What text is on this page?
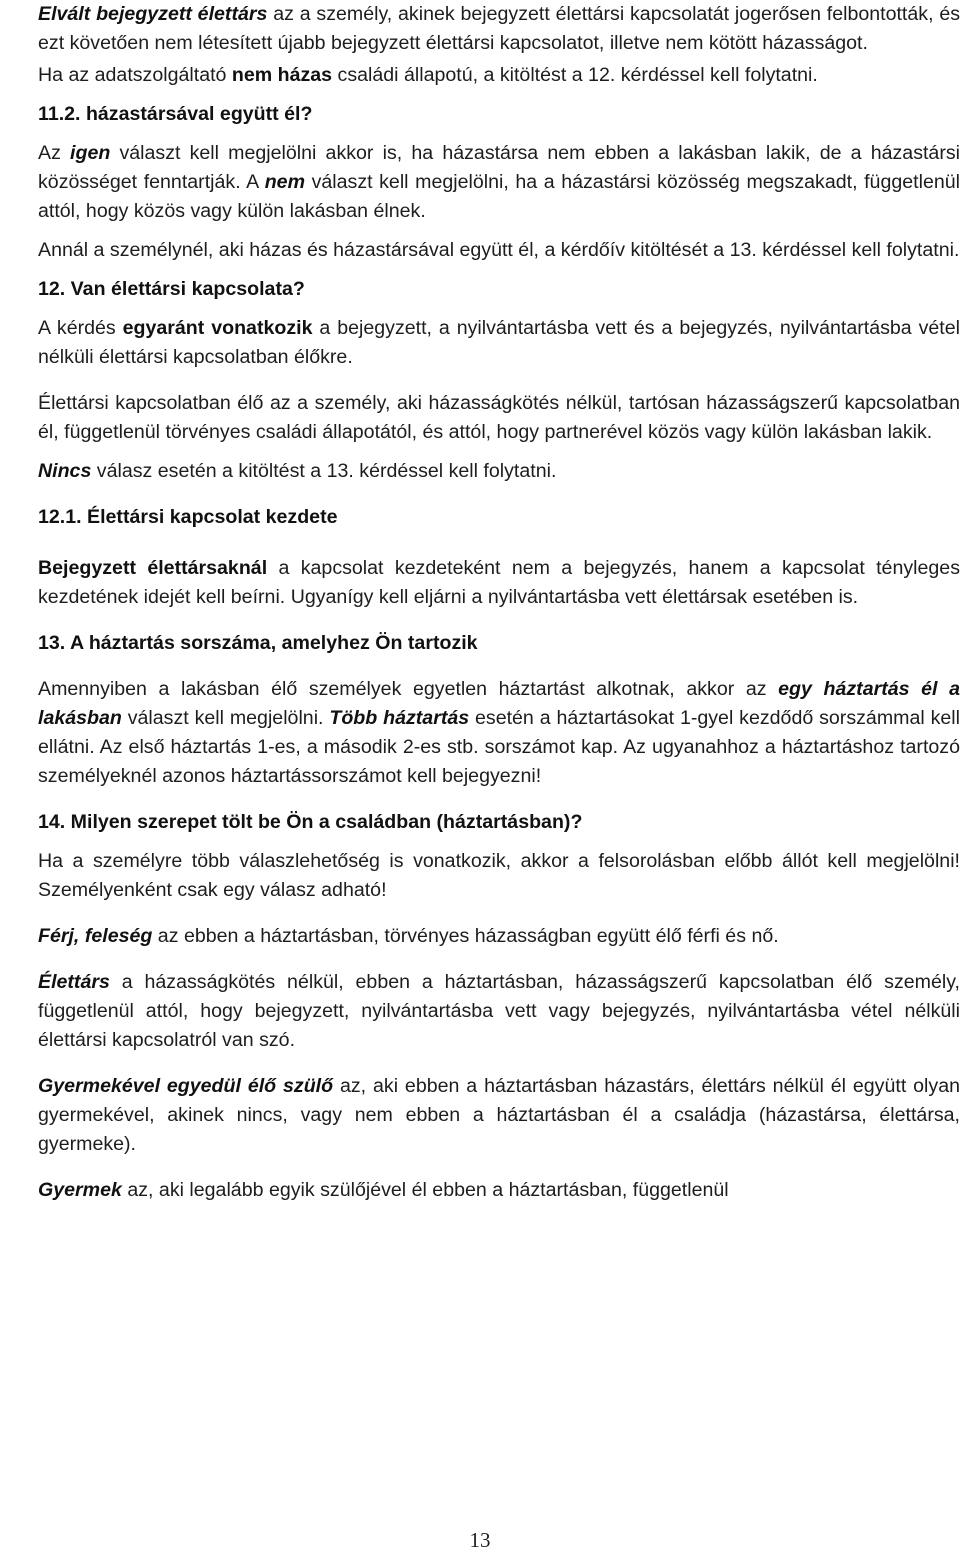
Elvált bejegyzett élettárs az a személy, akinek bejegyzett élettársi kapcsolatát jogerősen felbontották, és ezt követően nem létesített újabb bejegyzett élettársi kapcsolatot, illetve nem kötött házasságot.

Ha az adatszolgáltató nem házas családi állapotú, a kitöltést a 12. kérdéssel kell folytatni.

11.2. házastársával együtt él?

Az igen választ kell megjelölni akkor is, ha házastársa nem ebben a lakásban lakik, de a házastársi közösséget fenntartják. A nem választ kell megjelölni, ha a házastársi közösség megszakadt, függetlenül attól, hogy közös vagy külön lakásban élnek.

Annál a személynél, aki házas és házastársával együtt él, a kérdőív kitöltését a 13. kérdéssel kell folytatni.

12. Van élettársi kapcsolata?

A kérdés egyaránt vonatkozik a bejegyzett, a nyilvántartásba vett és a bejegyzés, nyilvántartásba vétel nélküli élettársi kapcsolatban élőkre.

Élettársi kapcsolatban élő az a személy, aki házasságkötés nélkül, tartósan házasságszerű kapcsolatban él, függetlenül törvényes családi állapotától, és attól, hogy partnerével közös vagy külön lakásban lakik.

Nincs válasz esetén a kitöltést a 13. kérdéssel kell folytatni.

12.1. Élettársi kapcsolat kezdete

Bejegyzett élettársaknál a kapcsolat kezdeteként nem a bejegyzés, hanem a kapcsolat tényleges kezdetének idejét kell beírni. Ugyanígy kell eljárni a nyilvántartásba vett élettársak esetében is.

13. A háztartás sorszáma, amelyhez Ön tartozik

Amennyiben a lakásban élő személyek egyetlen háztartást alkotnak, akkor az egy háztartás él a lakásban választ kell megjelölni. Több háztartás esetén a háztartásokat 1-gyel kezdődő sorszámmal kell ellátni. Az első háztartás 1-es, a második 2-es stb. sorszámot kap. Az ugyanahhoz a háztartáshoz tartozó személyeknél azonos háztartássorszámot kell bejegyezni!

14. Milyen szerepet tölt be Ön a családban (háztartásban)?

Ha a személyre több válaszlehetőség is vonatkozik, akkor a felsorolásban előbb állót kell megjelölni! Személyenként csak egy válasz adható!

Férj, feleség az ebben a háztartásban, törvényes házasságban együtt élő férfi és nő.

Élettárs a házasságkötés nélkül, ebben a háztartásban, házasságszerű kapcsolatban élő személy, függetlenül attól, hogy bejegyzett, nyilvántartásba vett vagy bejegyzés, nyilvántartásba vétel nélküli élettársi kapcsolatról van szó.

Gyermekével egyedül élő szülő az, aki ebben a háztartásban házastárs, élettárs nélkül él együtt olyan gyermekével, akinek nincs, vagy nem ebben a háztartásban él a családja (házastársa, élettársa, gyermeke).

Gyermek az, aki legalább egyik szülőjével él ebben a háztartásban, függetlenül

13
